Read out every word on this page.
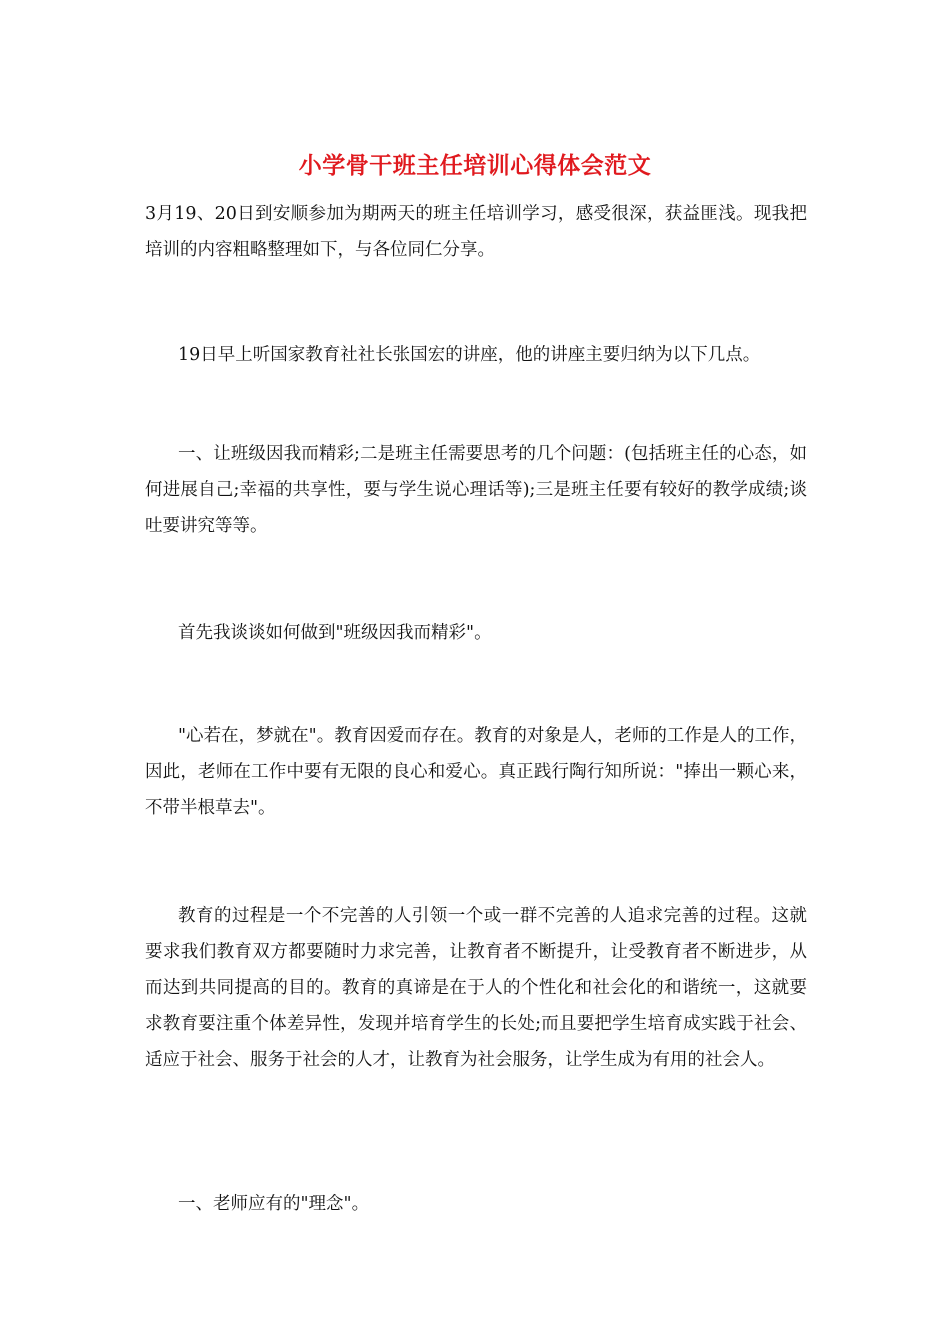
小学骨干班主任培训心得体会范文

3月19、20日到安顺参加为期两天的班主任培训学习，感受很深，获益匪浅。现我把培训的内容粗略整理如下，与各位同仁分享。

19日早上听国家教育社社长张国宏的讲座，他的讲座主要归纳为以下几点。

一、让班级因我而精彩;二是班主任需要思考的几个问题：(包括班主任的心态，如何进展自己;幸福的共享性，要与学生说心理话等);三是班主任要有较好的教学成绩;谈吐要讲究等等。

首先我谈谈如何做到"班级因我而精彩"。

"心若在，梦就在"。教育因爱而存在。教育的对象是人，老师的工作是人的工作，因此，老师在工作中要有无限的良心和爱心。真正践行陶行知所说："捧出一颗心来，不带半根草去"。

教育的过程是一个不完善的人引领一个或一群不完善的人追求完善的过程。这就要求我们教育双方都要随时力求完善，让教育者不断提升，让受教育者不断进步，从而达到共同提高的目的。教育的真谛是在于人的个性化和社会化的和谐统一，这就要求教育要注重个体差异性，发现并培育学生的长处;而且要把学生培育成实践于社会、适应于社会、服务于社会的人才，让教育为社会服务，让学生成为有用的社会人。

一、老师应有的"理念"。
